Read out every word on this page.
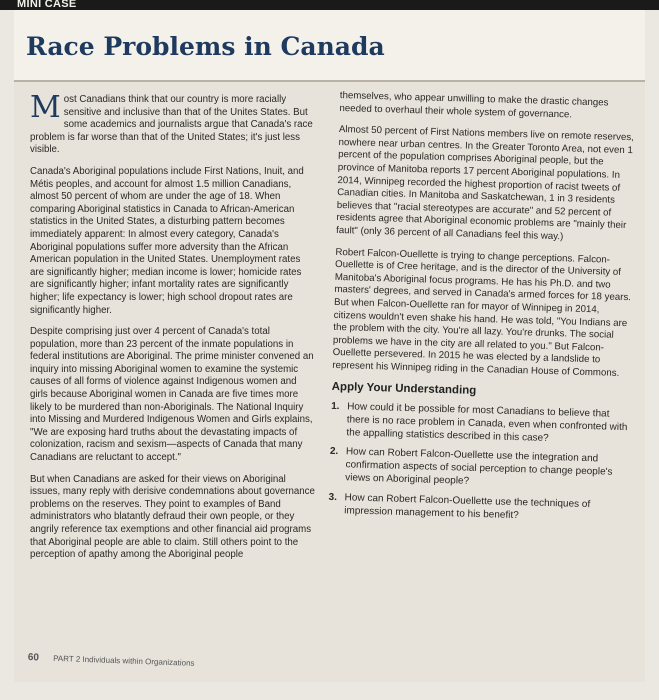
MINI CASE
Race Problems in Canada

Most Canadians think that our country is more racially sensitive and inclusive than that of the Unites States. But some academics and journalists argue that Canada's race problem is far worse than that of the United States; it's just less visible.

Canada's Aboriginal populations include First Nations, Inuit, and Métis peoples, and account for almost 1.5 million Canadians, almost 50 percent of whom are under the age of 18. When comparing Aboriginal statistics in Canada to African-American statistics in the United States, a disturbing pattern becomes immediately apparent: In almost every category, Canada's Aboriginal populations suffer more adversity than the African American population in the United States. Unemployment rates are significantly higher; median income is lower; homicide rates are significantly higher; infant mortality rates are significantly higher; life expectancy is lower; high school dropout rates are significantly higher.

Despite comprising just over 4 percent of Canada's total population, more than 23 percent of the inmate populations in federal institutions are Aboriginal. The prime minister convened an inquiry into missing Aboriginal women to examine the systemic causes of all forms of violence against Indigenous women and girls because Aboriginal women in Canada are five times more likely to be murdered than non-Aboriginals. The National Inquiry into Missing and Murdered Indigenous Women and Girls explains, "We are exposing hard truths about the devastating impacts of colonization, racism and sexism—aspects of Canada that many Canadians are reluctant to accept."

But when Canadians are asked for their views on Aboriginal issues, many reply with derisive condemnations about governance problems on the reserves. They point to examples of Band administrators who blatantly defraud their own people, or they angrily reference tax exemptions and other financial aid programs that Aboriginal people are able to claim. Still others point to the perception of apathy among the Aboriginal people

themselves, who appear unwilling to make the drastic changes needed to overhaul their whole system of governance.

Almost 50 percent of First Nations members live on remote reserves, nowhere near urban centres. In the Greater Toronto Area, not even 1 percent of the population comprises Aboriginal people, but the province of Manitoba reports 17 percent Aboriginal populations. In 2014, Winnipeg recorded the highest proportion of racist tweets of Canadian cities. In Manitoba and Saskatchewan, 1 in 3 residents believes that "racial stereotypes are accurate" and 52 percent of residents agree that Aboriginal economic problems are "mainly their fault" (only 36 percent of all Canadians feel this way.)

Robert Falcon-Ouellette is trying to change perceptions. Falcon-Ouellette is of Cree heritage, and is the director of the University of Manitoba's Aboriginal focus programs. He has his Ph.D. and two masters' degrees, and served in Canada's armed forces for 18 years. But when Falcon-Ouellette ran for mayor of Winnipeg in 2014, citizens wouldn't even shake his hand. He was told, "You Indians are the problem with the city. You're all lazy. You're drunks. The social problems we have in the city are all related to you." But Falcon-Ouellette persevered. In 2015 he was elected by a landslide to represent his Winnipeg riding in the Canadian House of Commons.

Apply Your Understanding
1. How could it be possible for most Canadians to believe that there is no race problem in Canada, even when confronted with the appalling statistics described in this case?
2. How can Robert Falcon-Ouellette use the integration and confirmation aspects of social perception to change people's views on Aboriginal people?
3. How can Robert Falcon-Ouellette use the techniques of impression management to his benefit?
60 PART 2 Individuals within Organizations
